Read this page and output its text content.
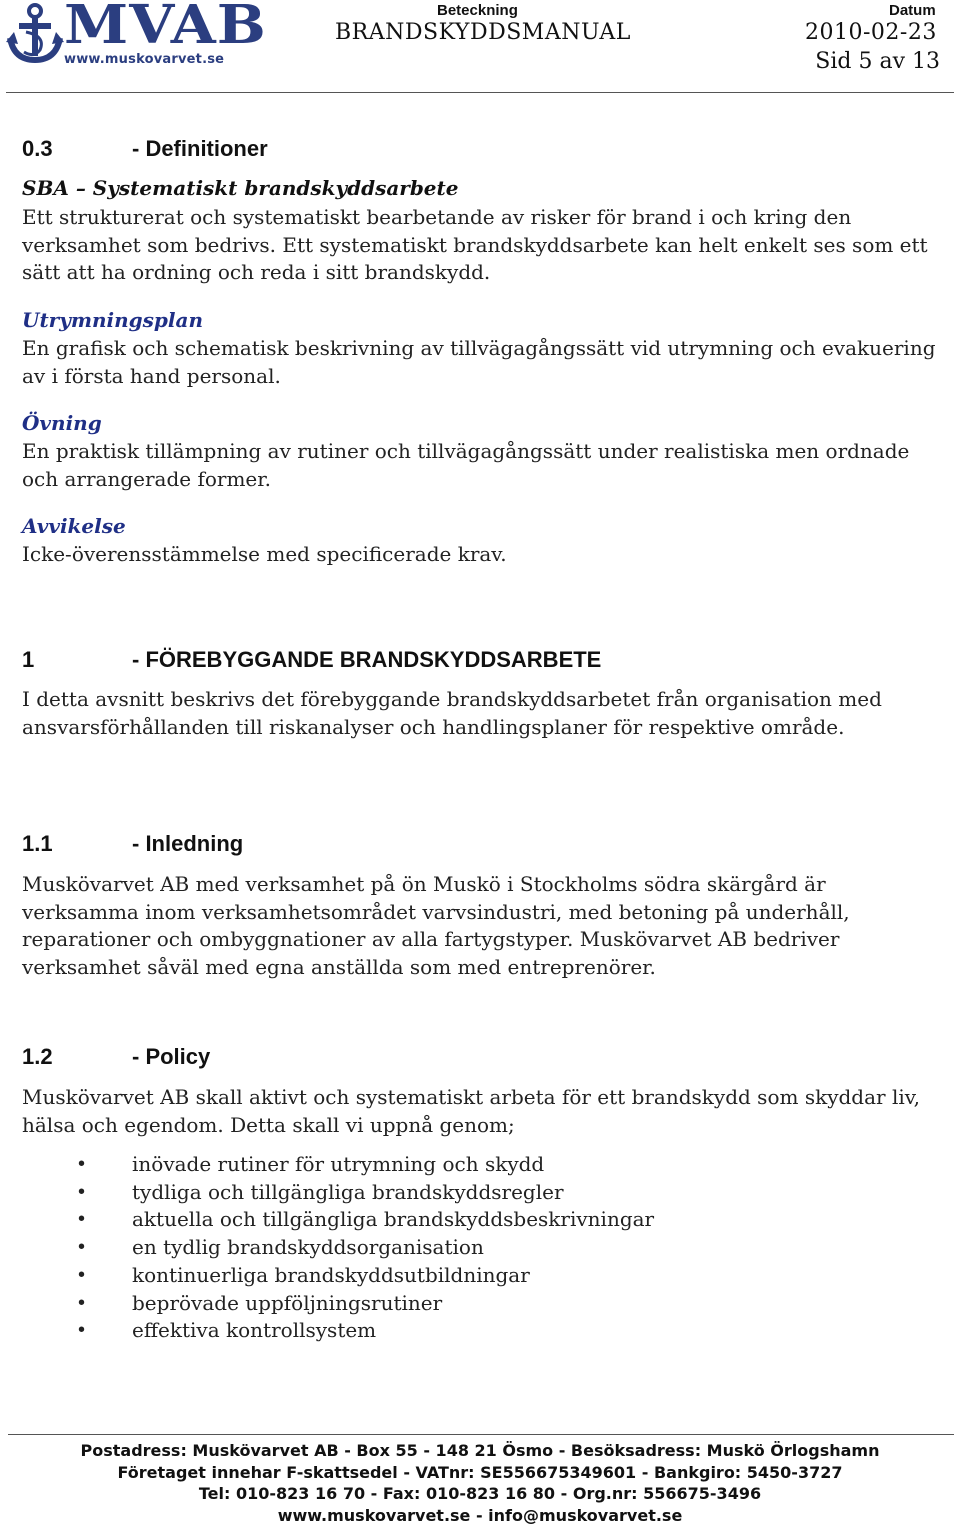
MVAB
www.muskovarvet.se
Beteckning
BRANDSKYDDSMANUAL
Datum
2010-02-23
Sid 5 av 13
0.3	- Definitioner
SBA – Systematiskt brandskyddsarbete

Ett strukturerat och systematiskt bearbetande av risker för brand i och kring den verksamhet som bedrivs. Ett systematiskt brandskyddsarbete kan helt enkelt ses som ett sätt att ha ordning och reda i sitt brandskydd.

Utrymningsplan

En grafisk och schematisk beskrivning av tillvägagångssätt vid utrymning och evakuering av i första hand personal.

Övning

En praktisk tillämpning av rutiner och tillvägagångssätt under realistiska men ordnade och arrangerade former.

Avvikelse

Icke-överensstämmelse med specificerade krav.

1	- FÖREBYGGANDE BRANDSKYDDSARBETE

I detta avsnitt beskrivs det förebyggande brandskyddsarbetet från organisation med ansvarsförhållanden till riskanalyser och handlingsplaner för respektive område.

1.1	- Inledning

Muskövarvet AB med verksamhet på ön Muskö i Stockholms södra skärgård är verksamma inom verksamhetsområdet varvsindustri, med betoning på underhåll, reparationer och ombyggnationer av alla fartygstyper. Muskövarvet AB bedriver verksamhet såväl med egna anställda som med entreprenörer.

1.2	- Policy

Muskövarvet AB skall aktivt och systematiskt arbeta för ett brandskydd som skyddar liv, hälsa och egendom. Detta skall vi uppnå genom;

• inövade rutiner för utrymning och skydd
• tydliga och tillgängliga brandskyddsregler
• aktuella och tillgängliga brandskyddsbeskrivningar
• en tydlig brandskyddsorganisation
• kontinuerliga brandskyddsutbildningar
• beprövade uppföljningsrutiner
• effektiva kontrollsystem
Postadress: Muskövarvet AB - Box 55 - 148 21 Ösmo - Besöksadress: Muskö Örlogshamn
Företaget innehar F-skattsedel - VATnr: SE556675349601 - Bankgiro: 5450-3727
Tel: 010-823 16 70 - Fax: 010-823 16 80 - Org.nr: 556675-3496
www.muskovarvet.se - info@muskovarvet.se
